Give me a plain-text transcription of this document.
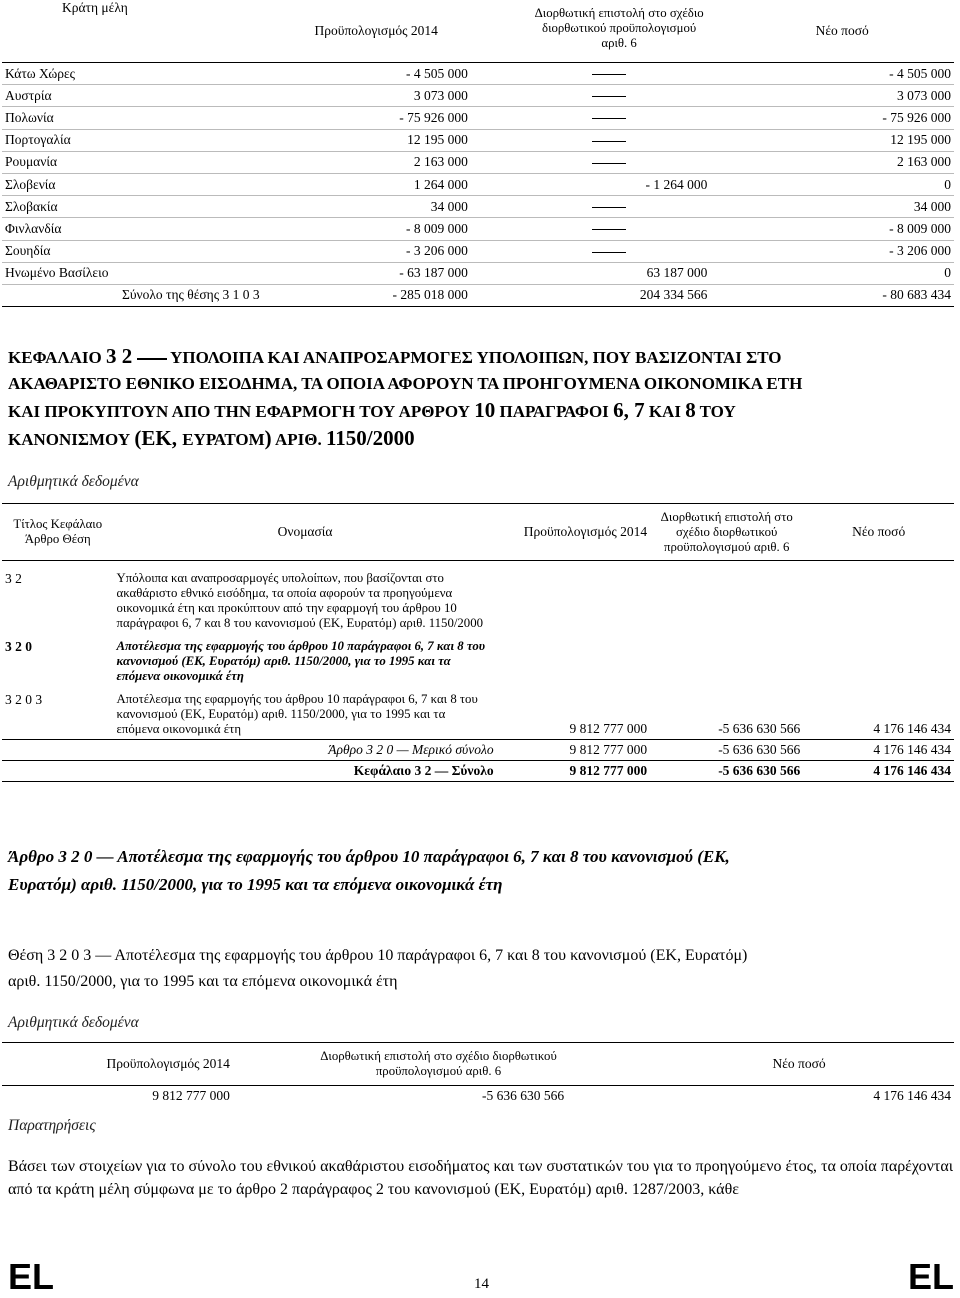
Κράτη μέλη	Προϋπολογισμός 2014	Διορθωτική επιστολή στο σχέδιο διορθωτικού προϋπολογισμού αριθ. 6	Νέο ποσό
Κάτω Χώρες	- 4 505 000		- 4 505 000
Αυστρία	3 073 000		3 073 000
Πολωνία	- 75 926 000		- 75 926 000
Πορτογαλία	12 195 000		12 195 000
Ρουμανία	2 163 000		2 163 000
Σλοβενία	1 264 000	- 1 264 000	0
Σλοβακία	34 000		34 000
Φινλανδία	- 8 009 000		- 8 009 000
Σουηδία	- 3 206 000		- 3 206 000
Ηνωμένο Βασίλειο	- 63 187 000	63 187 000	0
Σύνολο της θέσης 3 1 0 3	- 285 018 000	204 334 566	- 80 683 434
ΚΕΦΑΛΑΙΟ 3 2  ΥΠΟΛΟΙΠΑ ΚΑΙ ΑΝΑΠΡΟΣΑΡΜΟΓΕΣ ΥΠΟΛΟΙΠΩΝ, ΠΟΥ ΒΑΣΙΖΟΝΤΑΙ ΣΤΟ
ΑΚΑΘΑΡΙΣΤΟ ΕΘΝΙΚΟ ΕΙΣΟΔΗΜΑ, ΤΑ ΟΠΟΙΑ ΑΦΟΡΟΥΝ ΤΑ ΠΡΟΗΓΟΥΜΕΝΑ ΟΙΚΟΝΟΜΙΚΑ ΕΤΗ
ΚΑΙ ΠΡΟΚΥΠΤΟΥΝ ΑΠΟ ΤΗΝ ΕΦΑΡΜΟΓΗ ΤΟΥ ΑΡΘΡΟΥ 10 ΠΑΡΑΓΡΑΦΟΙ 6, 7 ΚΑΙ 8 ΤΟΥ
ΚΑΝΟΝΙΣΜΟΥ (ΕΚ, ΕΥΡΑΤΟΜ) ΑΡΙΘ. 1150/2000
Αριθμητικά δεδομένα
Τίτλος Κεφάλαιο
Άρθρο Θέση	Ονομασία	Προϋπολογισμός 2014	Διορθωτική επιστολή στο σχέδιο διορθωτικού προϋπολογισμού αριθ. 6	Νέο ποσό
3 2	Υπόλοιπα και αναπροσαρμογές υπολοίπων, που βασίζονται στο ακαθάριστο εθνικό εισόδημα, τα οποία αφορούν τα προηγούμενα οικονομικά έτη και προκύπτουν από την εφαρμογή του άρθρου 10 παράγραφοι 6, 7 και 8 του κανονισμού (ΕΚ, Ευρατόμ) αριθ. 1150/2000			
3 2 0	Αποτέλεσμα της εφαρμογής του άρθρου 10 παράγραφοι 6, 7 και 8 του κανονισμού (ΕΚ, Ευρατόμ) αριθ. 1150/2000, για το 1995 και τα επόμενα οικονομικά έτη			
3 2 0 3	Αποτέλεσμα της εφαρμογής του άρθρου 10 παράγραφοι 6, 7 και 8 του κανονισμού (ΕΚ, Ευρατόμ) αριθ. 1150/2000, για το 1995 και τα επόμενα οικονομικά έτη	9 812 777 000	-5 636 630 566	4 176 146 434
	Άρθρο 3 2 0 — Μερικό σύνολο	9 812 777 000	-5 636 630 566	4 176 146 434
	Κεφάλαιο 3 2 — Σύνολο	9 812 777 000	-5 636 630 566	4 176 146 434
Άρθρο 3 2 0 — Αποτέλεσμα της εφαρμογής του άρθρου 10 παράγραφοι 6, 7 και 8 του κανονισμού (ΕΚ,
Ευρατόμ) αριθ. 1150/2000, για το 1995 και τα επόμενα οικονομικά έτη
Θέση 3 2 0 3 — Αποτέλεσμα της εφαρμογής του άρθρου 10 παράγραφοι 6, 7 και 8 του κανονισμού (ΕΚ, Ευρατόμ)
αριθ. 1150/2000, για το 1995 και τα επόμενα οικονομικά έτη
Αριθμητικά δεδομένα
Προϋπολογισμός 2014	Διορθωτική επιστολή στο σχέδιο διορθωτικού
προϋπολογισμού αριθ. 6	Νέο ποσό
9 812 777 000	-5 636 630 566	4 176 146 434
Παρατηρήσεις
Βάσει των στοιχείων για το σύνολο του εθνικού ακαθάριστου εισοδήματος και των συστατικών του για το προηγούμενο έτος, τα οποία παρέχονται από τα κράτη μέλη σύμφωνα με το άρθρο 2 παράγραφος 2 του κανονισμού (ΕΚ, Ευρατόμ) αριθ. 1287/2003, κάθε
EL	14	EL
